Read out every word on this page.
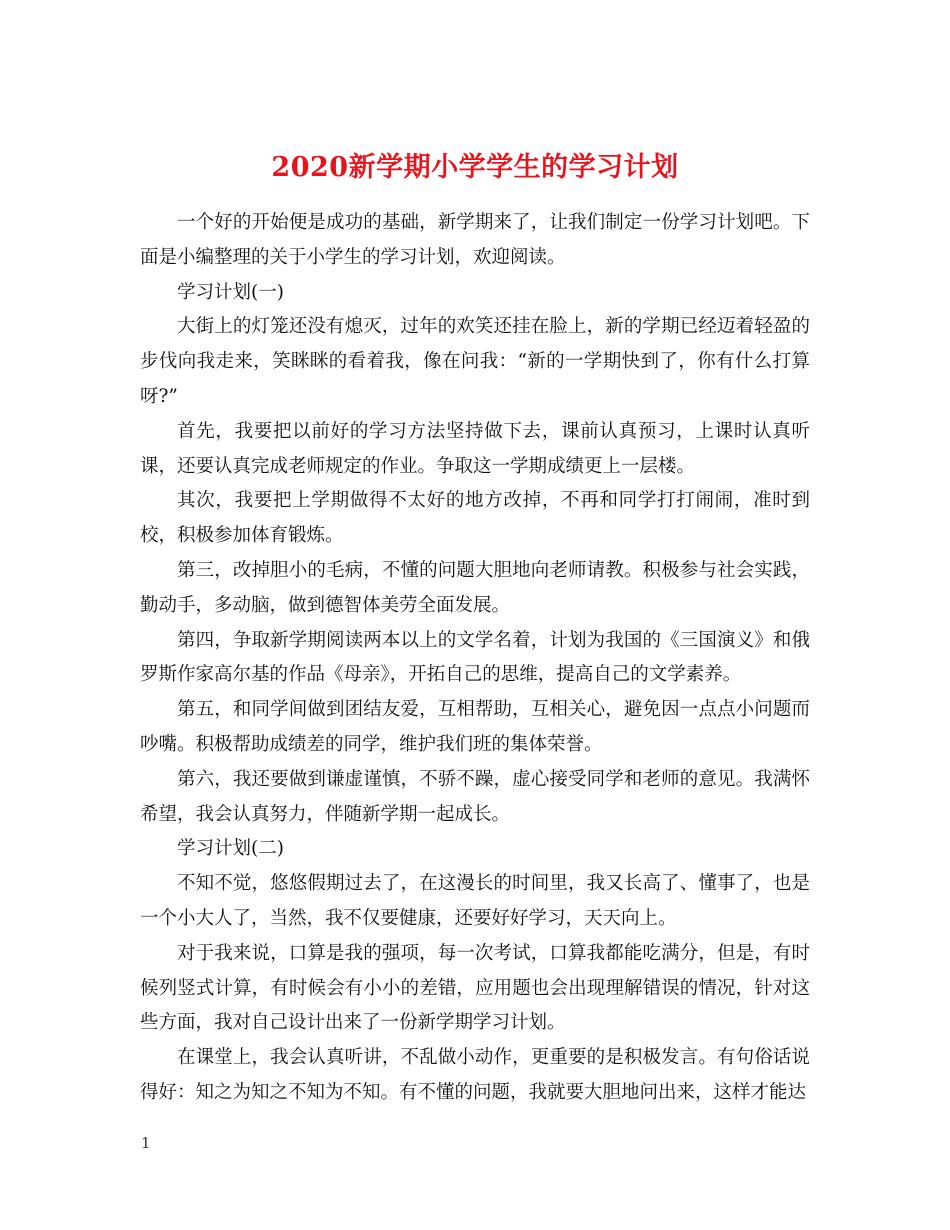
2020新学期小学学生的学习计划

一个好的开始便是成功的基础，新学期来了，让我们制定一份学习计划吧。下面是小编整理的关于小学生的学习计划，欢迎阅读。

学习计划(一)

大街上的灯笼还没有熄灭，过年的欢笑还挂在脸上，新的学期已经迈着轻盈的步伐向我走来，笑眯眯的看着我，像在问我：“新的一学期快到了，你有什么打算呀?”

首先，我要把以前好的学习方法坚持做下去，课前认真预习，上课时认真听课，还要认真完成老师规定的作业。争取这一学期成绩更上一层楼。

其次，我要把上学期做得不太好的地方改掉，不再和同学打打闹闹，准时到校，积极参加体育锻炼。

第三，改掉胆小的毛病，不懂的问题大胆地向老师请教。积极参与社会实践，勤动手，多动脑，做到德智体美劳全面发展。

第四，争取新学期阅读两本以上的文学名着，计划为我国的《三国演义》和俄罗斯作家高尔基的作品《母亲》，开拓自己的思维，提高自己的文学素养。

第五，和同学间做到团结友爱，互相帮助，互相关心，避免因一点点小问题而吵嘴。积极帮助成绩差的同学，维护我们班的集体荣誉。

第六，我还要做到谦虚谨慎，不骄不躁，虚心接受同学和老师的意见。我满怀希望，我会认真努力，伴随新学期一起成长。

学习计划(二)

不知不觉，悠悠假期过去了，在这漫长的时间里，我又长高了、懂事了，也是一个小大人了，当然，我不仅要健康，还要好好学习，天天向上。

对于我来说，口算是我的强项，每一次考试，口算我都能吃满分，但是，有时候列竖式计算，有时候会有小小的差错，应用题也会出现理解错误的情况，针对这些方面，我对自己设计出来了一份新学期学习计划。

在课堂上，我会认真听讲，不乱做小动作，更重要的是积极发言。有句俗话说得好：知之为知之不知为不知。有不懂的问题，我就要大胆地问出来，这样才能达

1
